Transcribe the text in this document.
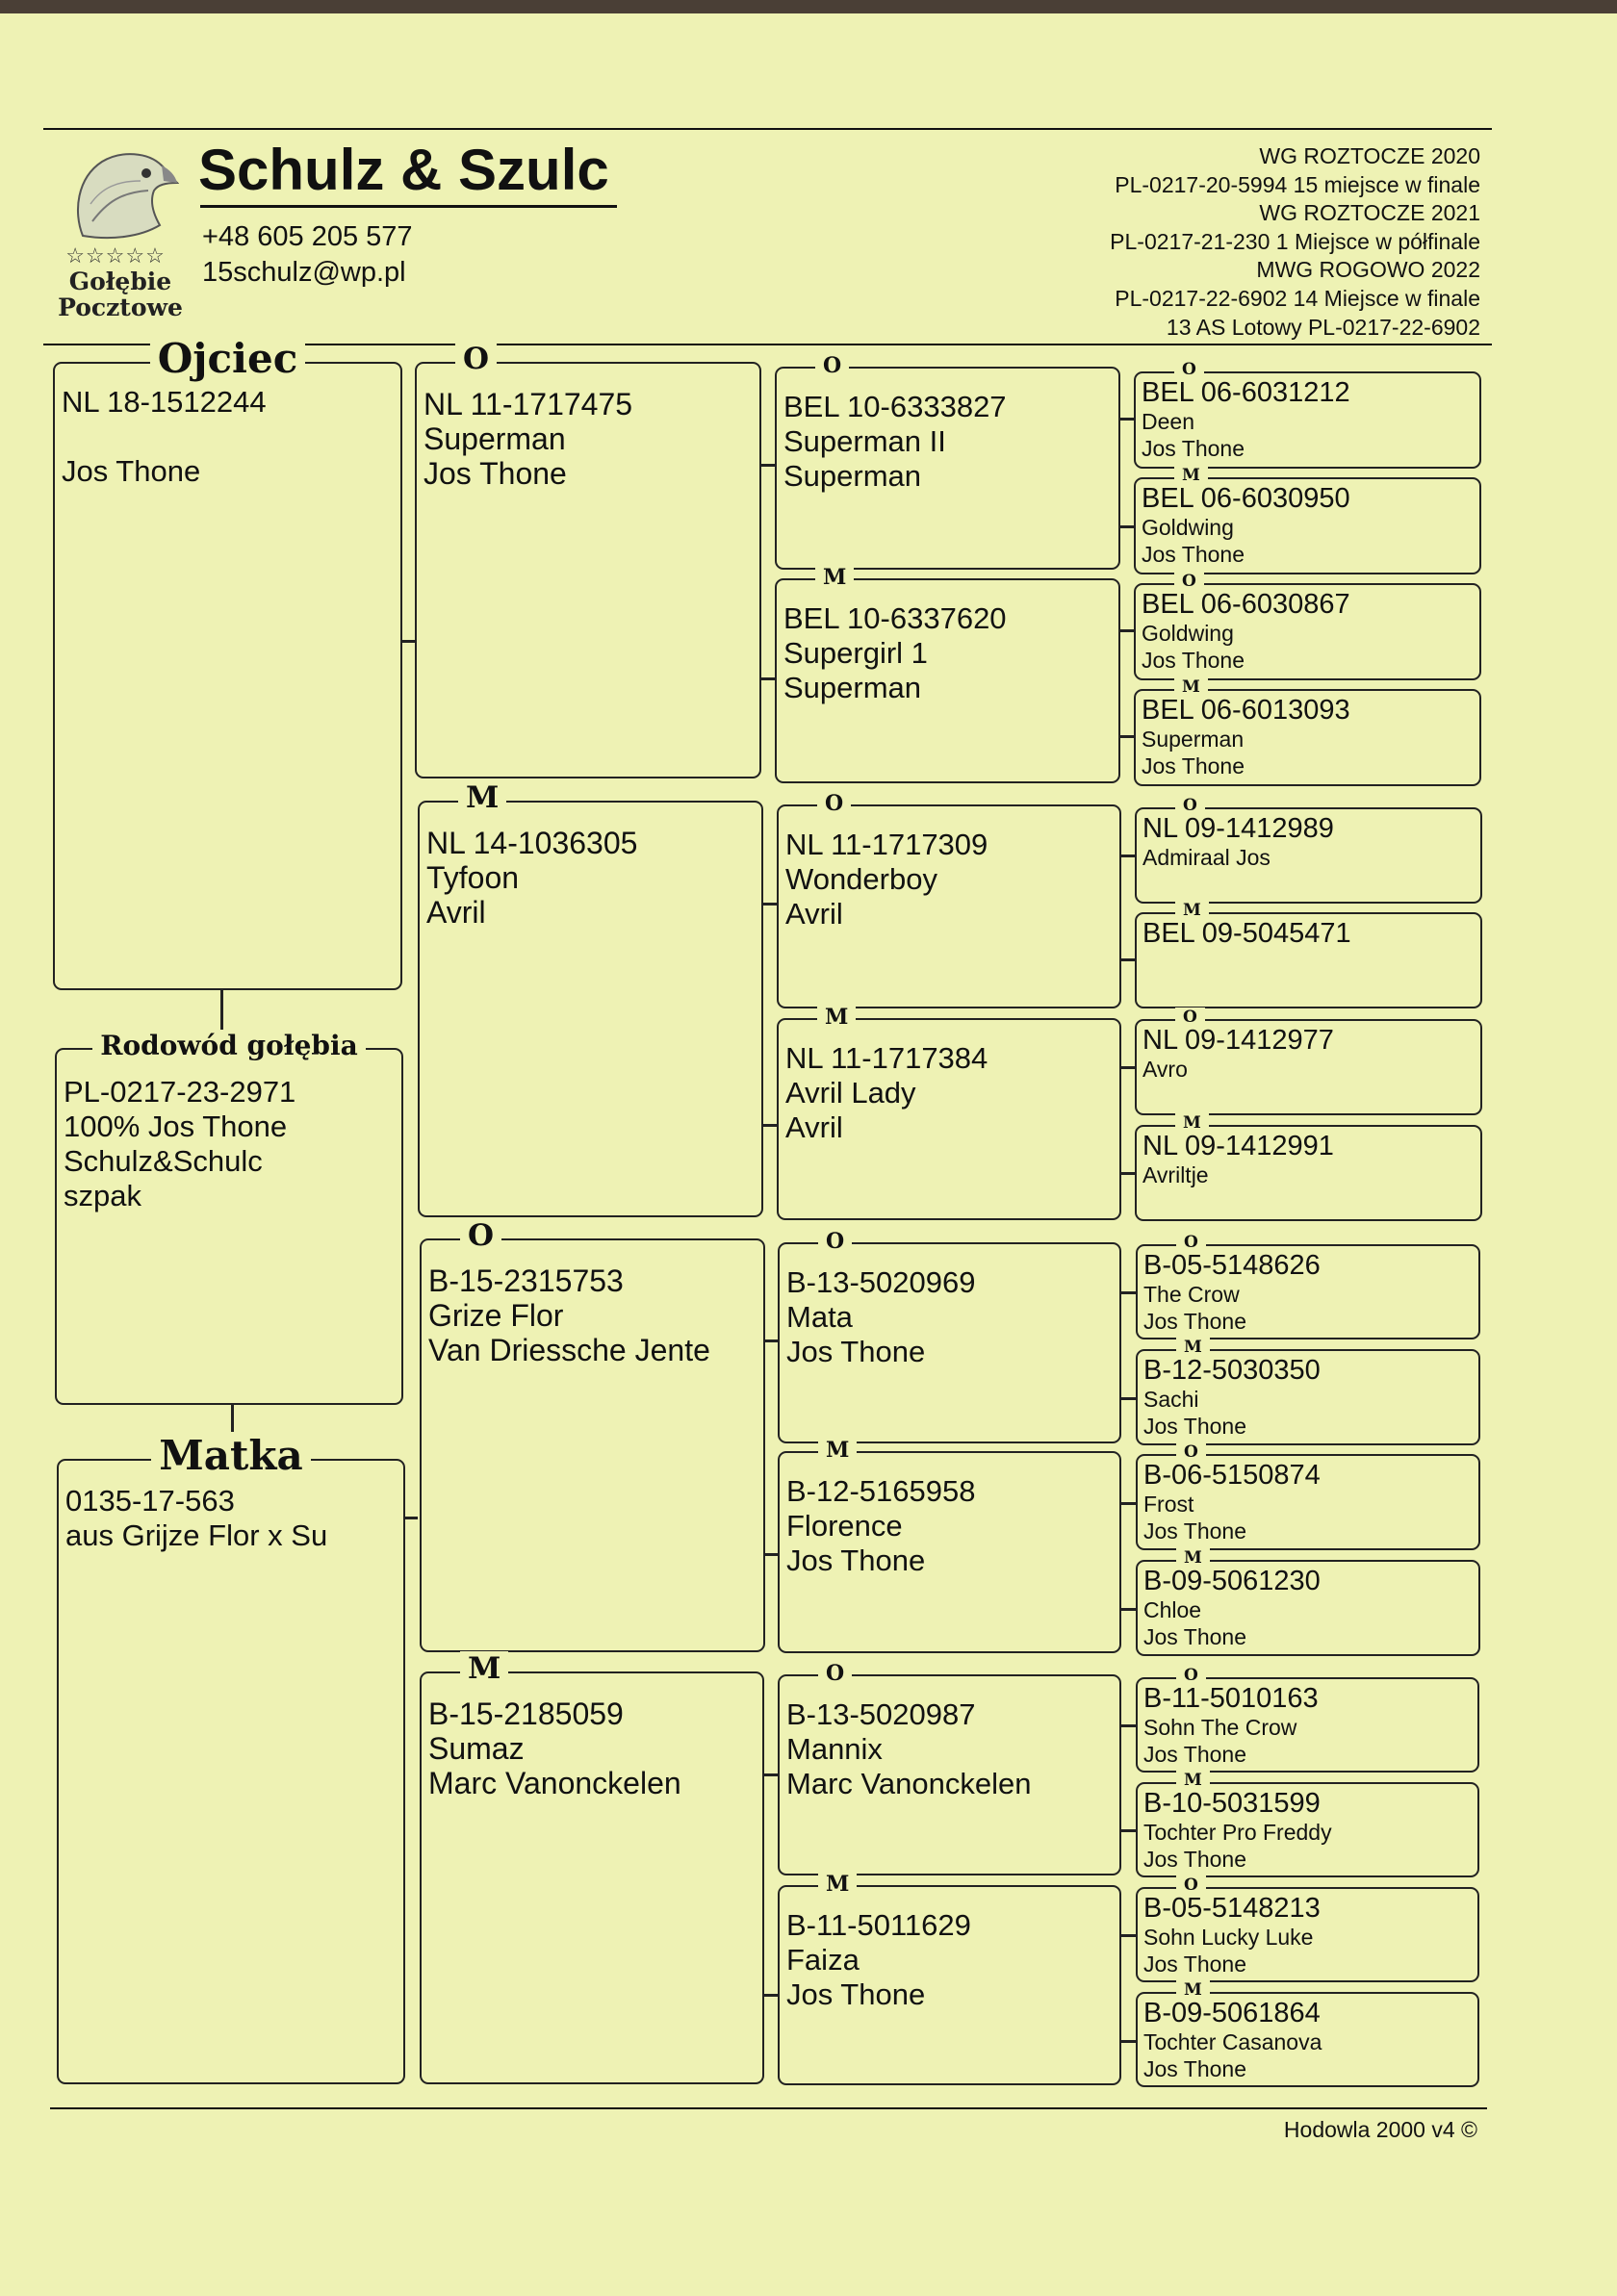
☆☆☆☆☆
Gołębie
Pocztowe
Schulz & Szulc
+48 605 205 577
15schulz@wp.pl
WG ROZTOCZE 2020
PL-0217-20-5994 15 miejsce w finale
WG ROZTOCZE 2021
PL-0217-21-230 1 Miejsce w półfinale
MWG ROGOWO 2022
PL-0217-22-6902 14 Miejsce w finale
13 AS Lotowy PL-0217-22-6902
Ojciec
NL 18-1512244

Jos Thone
Rodowód gołębia
PL-0217-23-2971
100% Jos Thone
Schulz&Schulc
szpak
Matka
0135-17-563
aus Grijze Flor x Su
O
NL 11-1717475
Superman
Jos Thone
M
NL 14-1036305
Tyfoon
Avril
O
B-15-2315753
Grize Flor
Van Driessche Jente
M
B-15-2185059
Sumaz
Marc Vanonckelen
O
BEL 10-6333827
Superman II
Superman
M
BEL 10-6337620
Supergirl 1
Superman
O
NL 11-1717309
Wonderboy
Avril
M
NL 11-1717384
Avril Lady
Avril
O
B-13-5020969
Mata
Jos Thone
M
B-12-5165958
Florence
Jos Thone
O
B-13-5020987
Mannix
Marc Vanonckelen
M
B-11-5011629
Faiza
Jos Thone
O
BEL 06-6031212
Deen
Jos Thone
M
BEL 06-6030950
Goldwing
Jos Thone
O
BEL 06-6030867
Goldwing
Jos Thone
M
BEL 06-6013093
Superman
Jos Thone
O
NL 09-1412989
Admiraal Jos
M
BEL 09-5045471
O
NL 09-1412977
Avro
M
NL 09-1412991
Avriltje
O
B-05-5148626
The Crow
Jos Thone
M
B-12-5030350
Sachi
Jos Thone
O
B-06-5150874
Frost
Jos Thone
M
B-09-5061230
Chloe
Jos Thone
O
B-11-5010163
Sohn The Crow
Jos Thone
M
B-10-5031599
Tochter Pro Freddy
Jos Thone
O
B-05-5148213
Sohn Lucky Luke
Jos Thone
M
B-09-5061864
Tochter Casanova
Jos Thone
Hodowla 2000 v4 ©
